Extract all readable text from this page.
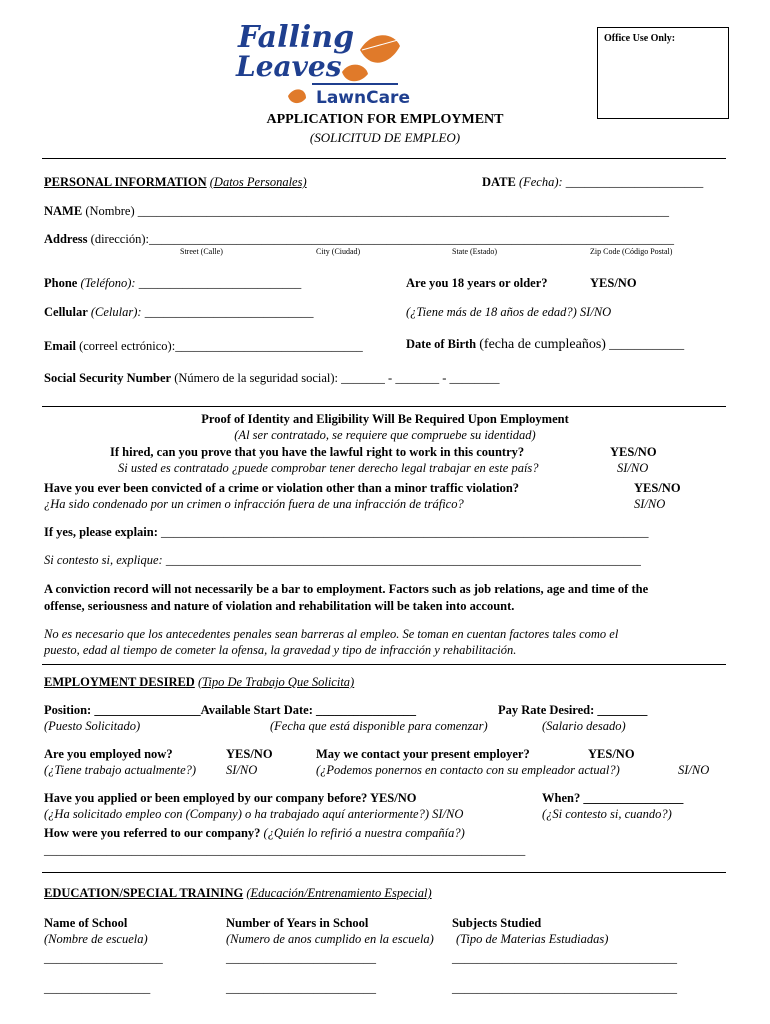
Falling
Leaves
LawnCare
Office Use Only:
APPLICATION FOR EMPLOYMENT
(SOLICITUD DE EMPLEO)
PERSONAL INFORMATION (Datos Personales)	DATE (Fecha): ______________________
NAME (Nombre) _____________________________________________________________________________________
Address (dirección):____________________________________________________________________________________
Street (Calle)	City (Ciudad)	State (Estado)	Zip Code (Código Postal)
Phone (Teléfono): __________________________	Are you 18 years or older?	YES/NO
Cellular (Celular): ___________________________	(¿Tiene más de 18 años de edad?) SI/NO
Email (correel ectrónico):______________________________	Date of Birth (fecha de cumpleaños) ____________
Social Security Number (Número de la seguridad social): _______ - _______ - ________
Proof of Identity and Eligibility Will Be Required Upon Employment
(Al ser contratado, se requiere que compruebe su identidad)
If hired, can you prove that you have the lawful right to work in this country?	YES/NO
Si usted es contratado ¿puede comprobar tener derecho legal trabajar en este país?	SI/NO
Have you ever been convicted of a crime or violation other than a minor traffic violation?	YES/NO
¿Ha sido condenado por un crimen o infracción fuera de una infracción de tráfico?	SI/NO
If yes, please explain: ______________________________________________________________________________
Si contesto si, explique: ____________________________________________________________________________
A conviction record will not necessarily be a bar to employment. Factors such as job relations, age and time of the
offense, seriousness and nature of violation and rehabilitation will be taken into account.
No es necesario que los antecedentes penales sean barreras al empleo. Se toman en cuentan factores tales como el
puesto, edad al tiempo de cometer la ofensa, la gravedad y tipo de infracción y rehabilitación.
EMPLOYMENT DESIRED (Tipo De Trabajo Que Solicita)
Position: _________________Available Start Date: ________________	Pay Rate Desired: ________
(Puesto Solicitado)	(Fecha que está disponible para comenzar)	(Salario desado)
Are you employed now?	YES/NO	May we contact your present employer?	YES/NO
(¿Tiene trabajo actualmente?) SI/NO	(¿Podemos ponernos en contacto con su empleador actual?)	SI/NO
Have you applied or been employed by our company before? YES/NO	When? ________________
(¿Ha solicitado empleo con (Company) o ha trabajado aquí anteriormente?) SI/NO	(¿Si contesto si, cuando?)
How were you referred to our company? (¿Quién lo refirió a nuestra compañía?)
_____________________________________________________________________________
EDUCATION/SPECIAL TRAINING (Educación/Entrenamiento Especial)
Name of School	Number of Years in School	Subjects Studied
(Nombre de escuela)	(Numero de anos cumplido en la escuela) (Tipo de Materias Estudiadas)
___________________	________________________	____________________________________
_________________	________________________	____________________________________
